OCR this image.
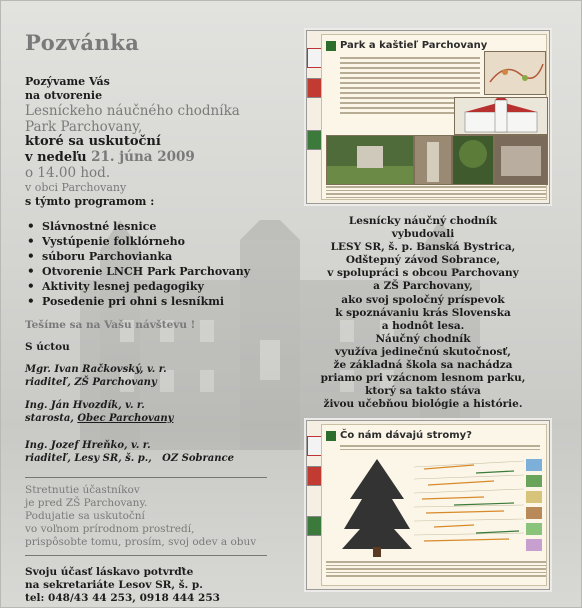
Pozvánka
Pozývame Vás
na otvorenie
Lesníckeho náučného chodníka
Park Parchovany,
ktoré sa uskutoční
v nedeľu 21. júna 2009
o 14.00 hod.
v obci Parchovany
s týmto programom :
• Slávnostné lesnice
• Vystúpenie folklórneho
• súboru Parchovianka
• Otvorenie LNCH Park Parchovany
• Aktivity lesnej pedagogiky
• Posedenie pri ohni s lesníkmi
Tešíme sa na Vašu návštevu !
S úctou
Mgr. Ivan Račkovský, v. r.
riaditeľ, ZŠ Parchovany
Ing. Ján Hvozdík, v. r.
starosta, Obec Parchovany
Ing. Jozef Hreňko, v. r.
riaditeľ, Lesy SR, š. p.,   OZ Sobrance
Stretnutie účastníkov
je pred ZŠ Parchovany.
Podujatie sa uskutoční
vo voľnom prírodnom prostredí,
prispôsobte tomu, prosím, svoj odev a obuv
Svoju účasť láskavo potvrďte
na sekretariáte Lesov SR, š. p.
tel: 048/43 44 253, 0918 444 253
Park a kaštieľ Parchovany
Lesnícky náučný chodník
vybudovali
LESY SR, š. p. Banská Bystrica,
Odštepný závod Sobrance,
v spolupráci s obcou Parchovany
a ZŠ Parchovany,
ako svoj spoločný príspevok
k spoznávaniu krás Slovenska
a hodnôt lesa.
Náučný chodník
využíva jedinečnú skutočnosť,
že základná škola sa nachádza
priamo pri vzácnom lesnom parku,
ktorý sa takto stáva
živou učebňou biológie a histórie.
Čo nám dávajú stromy?
